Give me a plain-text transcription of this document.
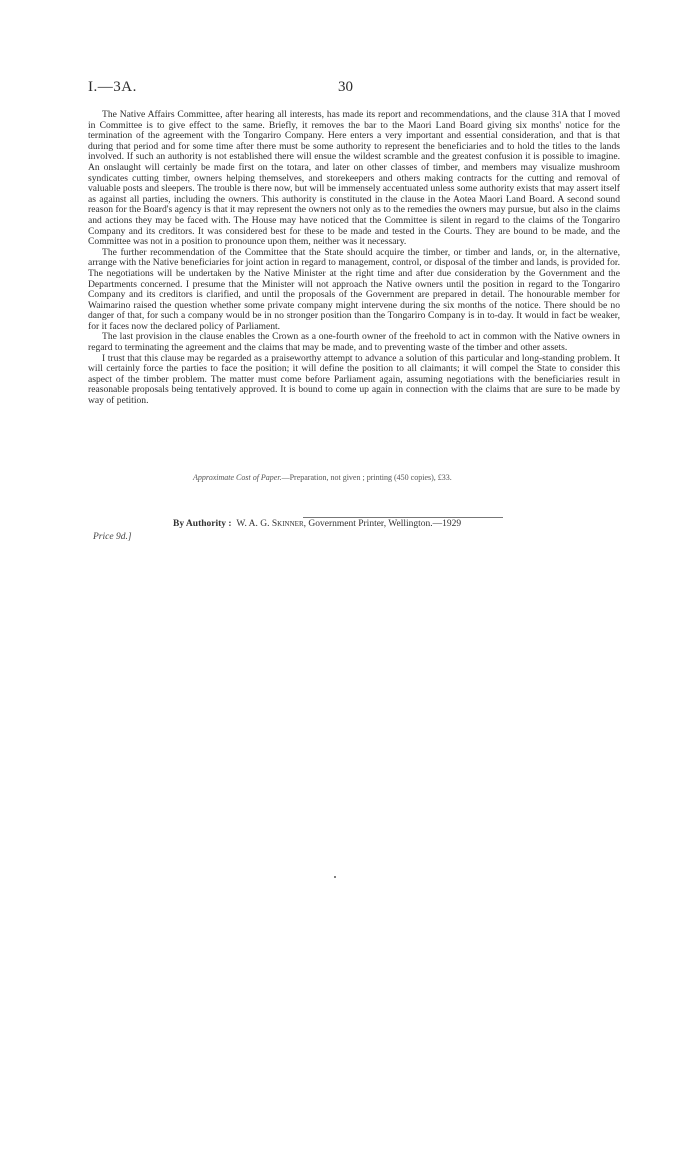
I.—3A.	30

The Native Affairs Committee, after hearing all interests, has made its report and recommendations, and the clause 31A that I moved in Committee is to give effect to the same. Briefly, it removes the bar to the Maori Land Board giving six months' notice for the termination of the agreement with the Tongariro Company. Here enters a very important and essential consideration, and that is that during that period and for some time after there must be some authority to represent the beneficiaries and to hold the titles to the lands involved. If such an authority is not established there will ensue the wildest scramble and the greatest confusion it is possible to imagine. An onslaught will certainly be made first on the totara, and later on other classes of timber, and members may visualize mushroom syndicates cutting timber, owners helping themselves, and storekeepers and others making contracts for the cutting and removal of valuable posts and sleepers. The trouble is there now, but will be immensely accentuated unless some authority exists that may assert itself as against all parties, including the owners. This authority is constituted in the clause in the Aotea Maori Land Board. A second sound reason for the Board's agency is that it may represent the owners not only as to the remedies the owners may pursue, but also in the claims and actions they may be faced with. The House may have noticed that the Committee is silent in regard to the claims of the Tongariro Company and its creditors. It was considered best for these to be made and tested in the Courts. They are bound to be made, and the Committee was not in a position to pronounce upon them, neither was it necessary.

The further recommendation of the Committee that the State should acquire the timber, or timber and lands, or, in the alternative, arrange with the Native beneficiaries for joint action in regard to management, control, or disposal of the timber and lands, is provided for. The negotiations will be undertaken by the Native Minister at the right time and after due consideration by the Government and the Departments concerned. I presume that the Minister will not approach the Native owners until the position in regard to the Tongariro Company and its creditors is clarified, and until the proposals of the Government are prepared in detail. The honourable member for Waimarino raised the question whether some private company might intervene during the six months of the notice. There should be no danger of that, for such a company would be in no stronger position than the Tongariro Company is in to-day. It would in fact be weaker, for it faces now the declared policy of Parliament.

The last provision in the clause enables the Crown as a one-fourth owner of the freehold to act in common with the Native owners in regard to terminating the agreement and the claims that may be made, and to preventing waste of the timber and other assets.

I trust that this clause may be regarded as a praiseworthy attempt to advance a solution of this particular and long-standing problem. It will certainly force the parties to face the position; it will define the position to all claimants; it will compel the State to consider this aspect of the timber problem. The matter must come before Parliament again, assuming negotiations with the beneficiaries result in reasonable proposals being tentatively approved. It is bound to come up again in connection with the claims that are sure to be made by way of petition.

Approximate Cost of Paper.—Preparation, not given ; printing (450 copies), £33.
By Authority : W. A. G. Skinner, Government Printer, Wellington.—1929
Price 9d.]
